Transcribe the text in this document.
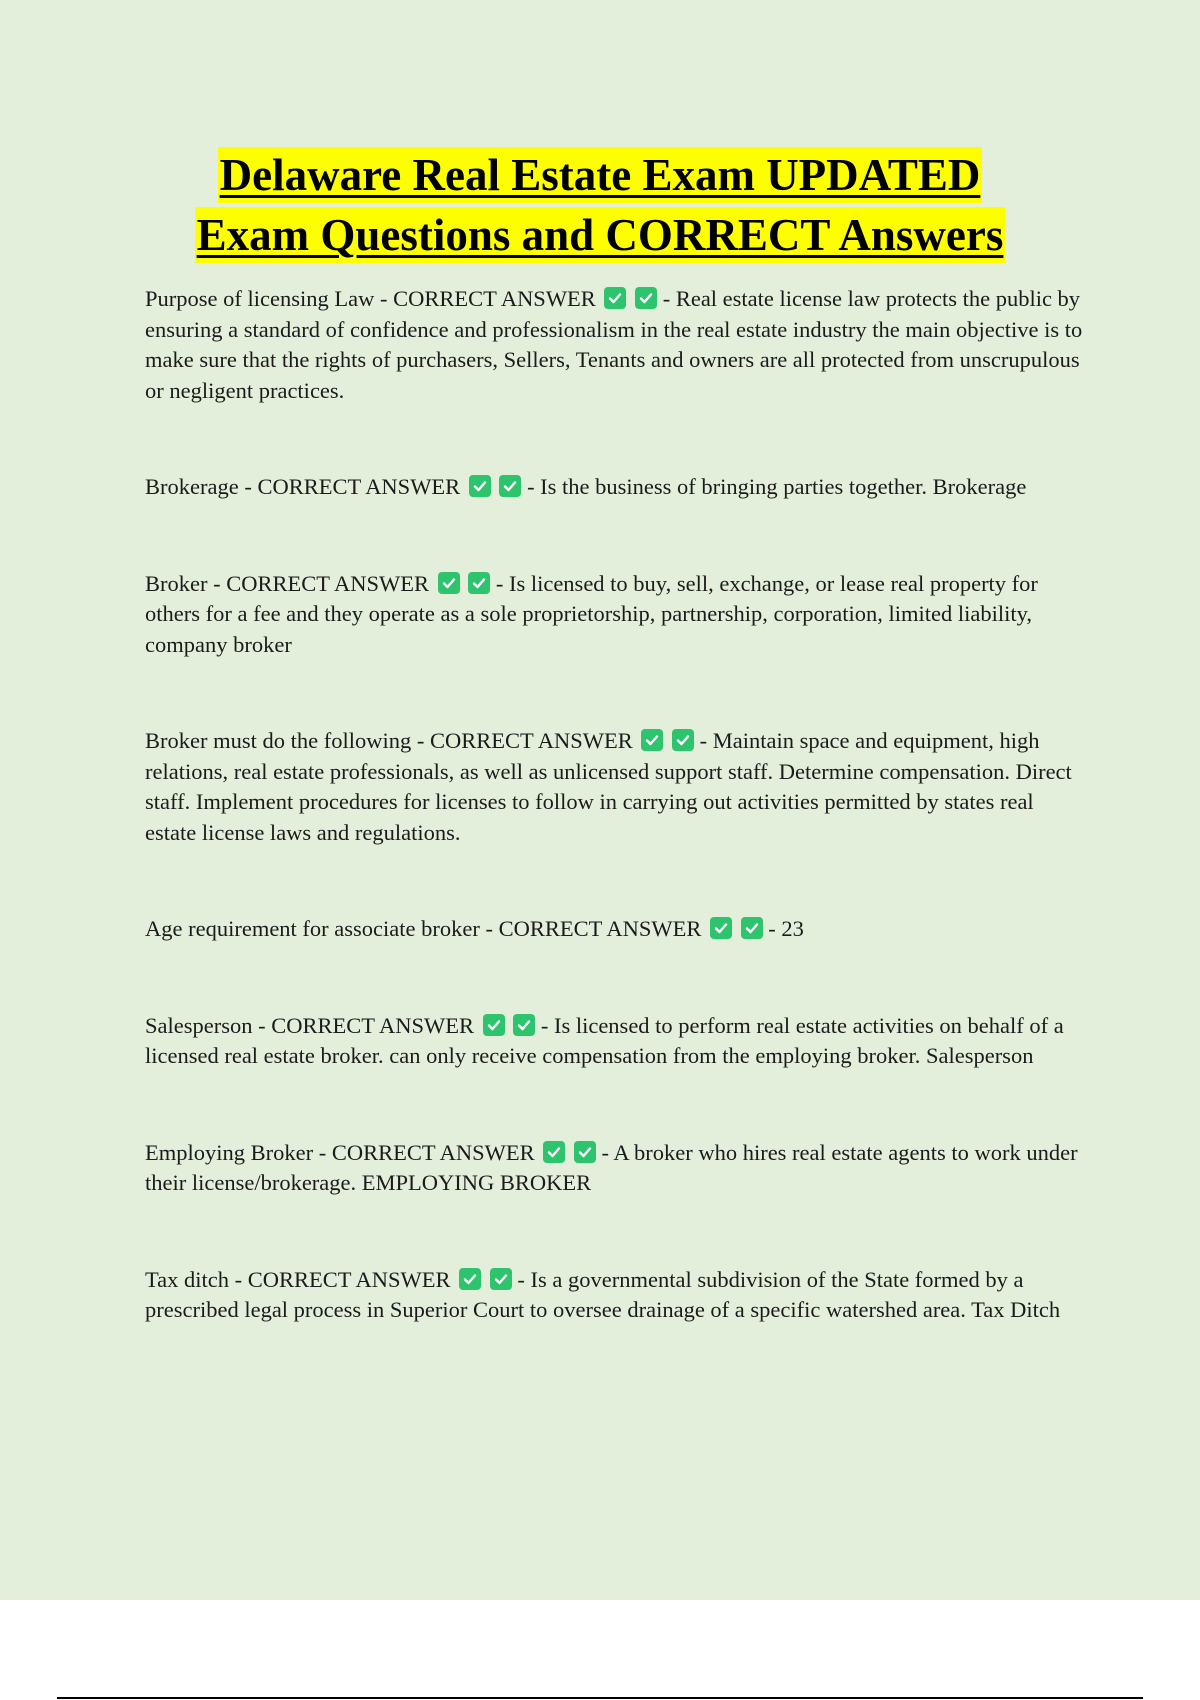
Delaware Real Estate Exam UPDATED
Exam Questions and CORRECT Answers

Purpose of licensing Law - CORRECT ANSWER
	- Real estate license law protects the public by ensuring a standard of confidence and professionalism in the real estate industry the main objective is to make sure that the rights of purchasers, Sellers, Tenants and owners are all protected from unscrupulous or negligent practices.

Brokerage - CORRECT ANSWER
	- Is the business of bringing parties together. Brokerage

Broker - CORRECT ANSWER
	- Is licensed to buy, sell, exchange, or lease real property for others for a fee and they operate as a sole proprietorship, partnership, corporation, limited liability, company broker

Broker must do the following - CORRECT ANSWER
	- Maintain space and equipment, high relations, real estate professionals, as well as unlicensed support staff. Determine compensation. Direct staff. Implement procedures for licenses to follow in carrying out activities permitted by states real estate license laws and regulations.

Age requirement for associate broker - CORRECT ANSWER
	- 23

Salesperson - CORRECT ANSWER
	- Is licensed to perform real estate activities on behalf of a licensed real estate broker. can only receive compensation from the employing broker. Salesperson

Employing Broker - CORRECT ANSWER
	- A broker who hires real estate agents to work under their license/brokerage. EMPLOYING BROKER

Tax ditch - CORRECT ANSWER
	- Is a governmental subdivision of the State formed by a prescribed legal process in Superior Court to oversee drainage of a specific watershed area. Tax Ditch
